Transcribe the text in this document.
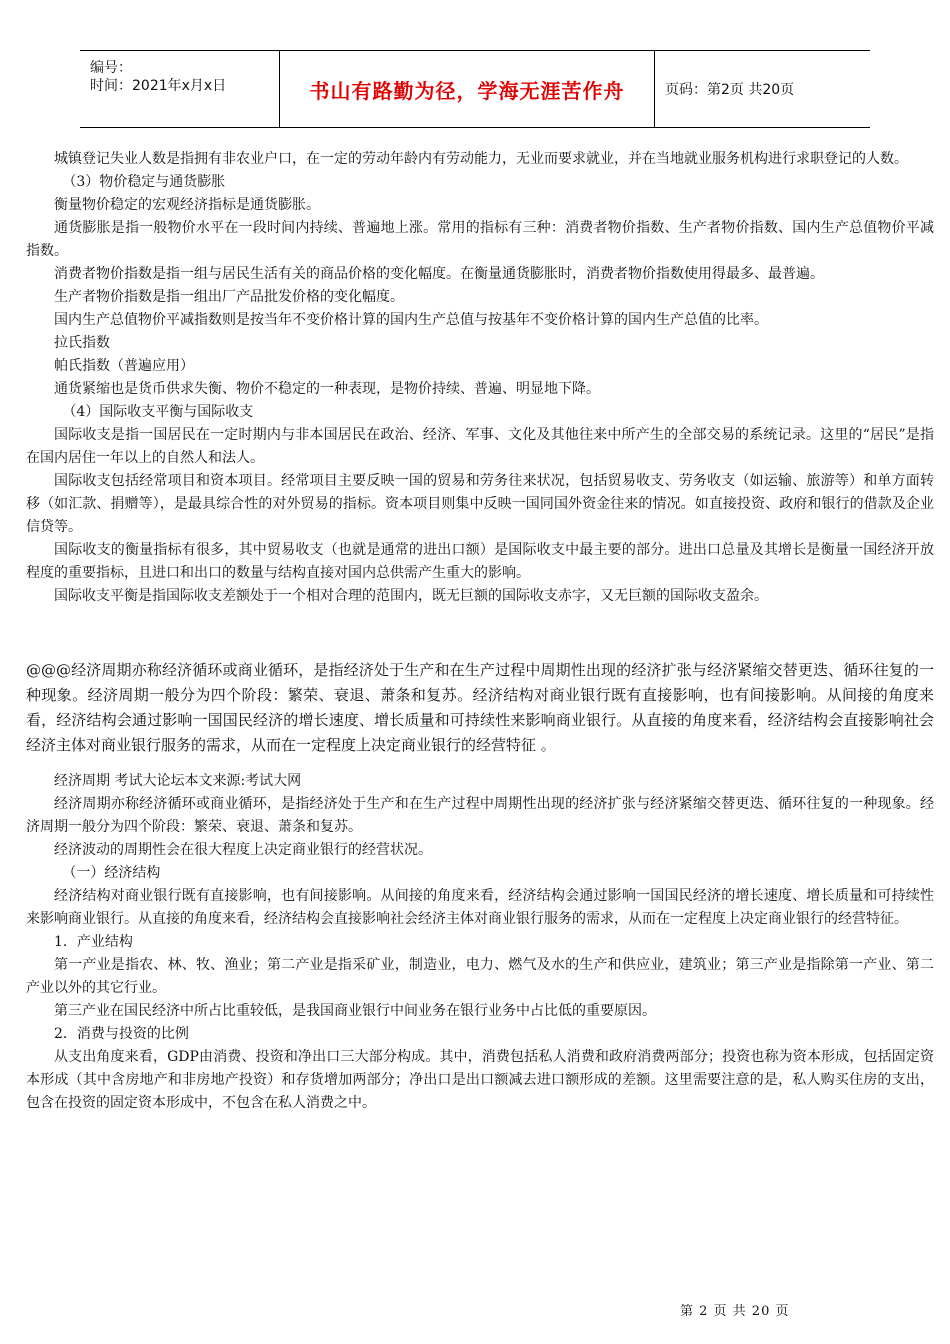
编号：
时间：2021年x月x日	书山有路勤为径，学海无涯苦作舟	页码：第2页 共20页

城镇登记失业人数是指拥有非农业户口，在一定的劳动年龄内有劳动能力，无业而要求就业，并在当地就业服务机构进行求职登记的人数。

（3）物价稳定与通货膨胀

衡量物价稳定的宏观经济指标是通货膨胀。

通货膨胀是指一般物价水平在一段时间内持续、普遍地上涨。常用的指标有三种：消费者物价指数、生产者物价指数、国内生产总值物价平减指数。

消费者物价指数是指一组与居民生活有关的商品价格的变化幅度。在衡量通货膨胀时，消费者物价指数使用得最多、最普遍。

生产者物价指数是指一组出厂产品批发价格的变化幅度。

国内生产总值物价平减指数则是按当年不变价格计算的国内生产总值与按基年不变价格计算的国内生产总值的比率。

拉氏指数

帕氏指数（普遍应用）

通货紧缩也是货币供求失衡、物价不稳定的一种表现，是物价持续、普遍、明显地下降。

（4）国际收支平衡与国际收支

国际收支是指一国居民在一定时期内与非本国居民在政治、经济、军事、文化及其他往来中所产生的全部交易的系统记录。这里的“居民”是指在国内居住一年以上的自然人和法人。

国际收支包括经常项目和资本项目。经常项目主要反映一国的贸易和劳务往来状况，包括贸易收支、劳务收支（如运输、旅游等）和单方面转移（如汇款、捐赠等），是最具综合性的对外贸易的指标。资本项目则集中反映一国同国外资金往来的情况。如直接投资、政府和银行的借款及企业信贷等。

国际收支的衡量指标有很多，其中贸易收支（也就是通常的进出口额）是国际收支中最主要的部分。进出口总量及其增长是衡量一国经济开放程度的重要指标，且进口和出口的数量与结构直接对国内总供需产生重大的影响。

国际收支平衡是指国际收支差额处于一个相对合理的范围内，既无巨额的国际收支赤字，又无巨额的国际收支盈余。

@@@经济周期亦称经济循环或商业循环，是指经济处于生产和在生产过程中周期性出现的经济扩张与经济紧缩交替更迭、循环往复的一种现象。经济周期一般分为四个阶段：繁荣、衰退、萧条和复苏。经济结构对商业银行既有直接影响，也有间接影响。从间接的角度来看，经济结构会通过影响一国国民经济的增长速度、增长质量和可持续性来影响商业银行。从直接的角度来看，经济结构会直接影响社会经济主体对商业银行服务的需求，从而在一定程度上决定商业银行的经营特征 。

经济周期 考试大论坛本文来源:考试大网

经济周期亦称经济循环或商业循环，是指经济处于生产和在生产过程中周期性出现的经济扩张与经济紧缩交替更迭、循环往复的一种现象。经济周期一般分为四个阶段：繁荣、衰退、萧条和复苏。

经济波动的周期性会在很大程度上决定商业银行的经营状况。

（一）经济结构

经济结构对商业银行既有直接影响，也有间接影响。从间接的角度来看，经济结构会通过影响一国国民经济的增长速度、增长质量和可持续性来影响商业银行。从直接的角度来看，经济结构会直接影响社会经济主体对商业银行服务的需求，从而在一定程度上决定商业银行的经营特征。

1．产业结构

第一产业是指农、林、牧、渔业；第二产业是指采矿业，制造业，电力、燃气及水的生产和供应业，建筑业；第三产业是指除第一产业、第二产业以外的其它行业。

第三产业在国民经济中所占比重较低，是我国商业银行中间业务在银行业务中占比低的重要原因。

2．消费与投资的比例

从支出角度来看，GDP由消费、投资和净出口三大部分构成。其中，消费包括私人消费和政府消费两部分；投资也称为资本形成，包括固定资本形成（其中含房地产和非房地产投资）和存货增加两部分；净出口是出口额减去进口额形成的差额。这里需要注意的是，私人购买住房的支出，包含在投资的固定资本形成中，不包含在私人消费之中。

第 2 页 共 20 页
